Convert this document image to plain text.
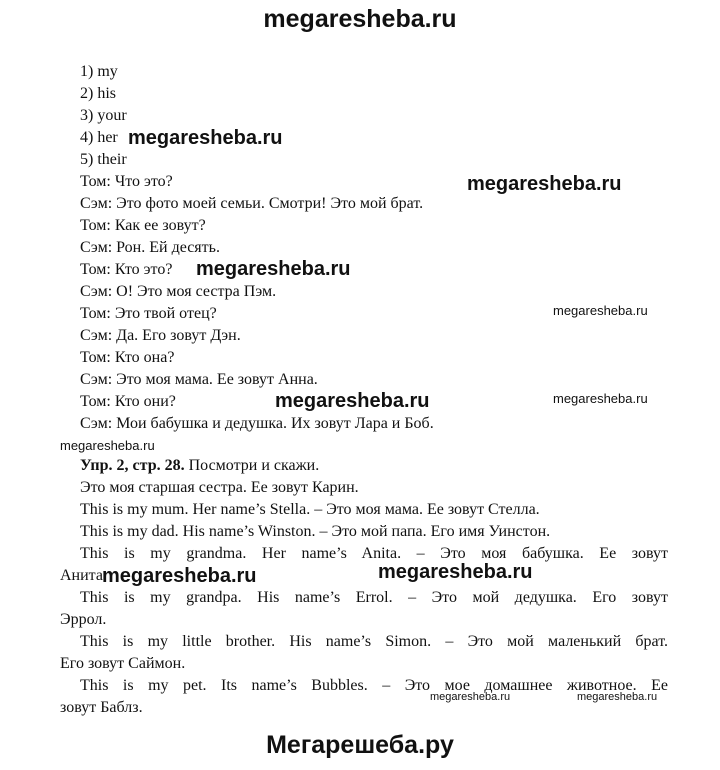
megaresheba.ru
1) my
2) his
3) your
4) her
5) their
Том: Что это?
Сэм: Это фото моей семьи. Смотри! Это мой брат.
Том: Как ее зовут?
Сэм: Рон. Ей десять.
Том: Кто это?
Сэм: О! Это моя сестра Пэм.
Том: Это твой отец?
Сэм: Да. Его зовут Дэн.
Том: Кто она?
Сэм: Это моя мама. Ее зовут Анна.
Том: Кто они?
Сэм: Мои бабушка и дедушка. Их зовут Лара и Боб.
Упр. 2, стр. 28. Посмотри и скажи.
Это моя старшая сестра. Ее зовут Карин.
This is my mum. Her name’s Stella. – Это моя мама. Ее зовут Стелла.
This is my dad. His name’s Winston. – Это мой папа. Его имя Уинстон.
This is my grandma. Her name’s Anita. – Это моя бабушка. Ее зовут
Анита.
This is my grandpa. His name’s Errol. – Это мой дедушка. Его зовут
Эррол.
This is my little brother. His name’s Simon. – Это мой маленький брат.
Его зовут Саймон.
This is my pet. Its name’s Bubbles. – Это мое домашнее животное. Ее
зовут Баблз.
megaresheba.ru
megaresheba.ru
megaresheba.ru
megaresheba.ru
megaresheba.ru	megaresheba.ru
megaresheba.ru
megaresheba.ru	megaresheba.ru
megaresheba.ru	megaresheba.ru
Мегарешеба.ру
